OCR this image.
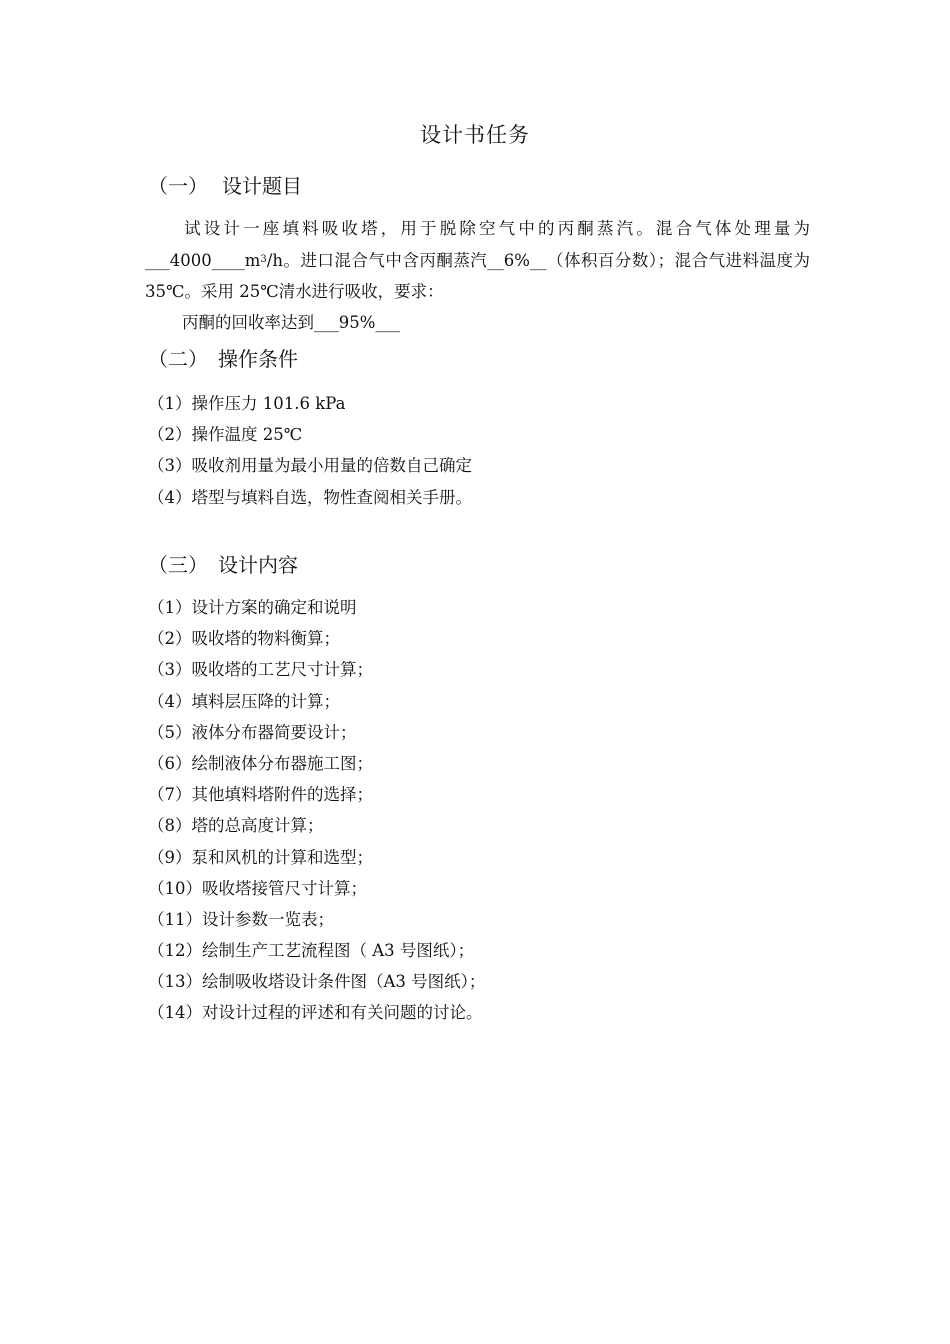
设计书任务
（一） 设计题目
试设计一座填料吸收塔，用于脱除空气中的丙酮蒸汽。混合气体处理量为$\_\_\_4000\_\_\_\_m^3/h$。进口混合气中含丙酮蒸汽__6%__（体积百分数）；混合气进料温度为 35℃。采用 25℃清水进行吸收，要求：
丙酮的回收率达到___95%___
（二） 操作条件
（1）操作压力 101.6 kPa
（2）操作温度 25℃
（3）吸收剂用量为最小用量的倍数自己确定
（4）塔型与填料自选，物性查阅相关手册。
（三） 设计内容
（1）设计方案的确定和说明
（2）吸收塔的物料衡算；
（3）吸收塔的工艺尺寸计算；
（4）填料层压降的计算；
（5）液体分布器简要设计；
（6）绘制液体分布器施工图；
（7）其他填料塔附件的选择；
（8）塔的总高度计算；
（9）泵和风机的计算和选型；
（10）吸收塔接管尺寸计算；
（11）设计参数一览表；
（12）绘制生产工艺流程图（ A3 号图纸）；
（13）绘制吸收塔设计条件图（A3 号图纸）；
（14）对设计过程的评述和有关问题的讨论。
